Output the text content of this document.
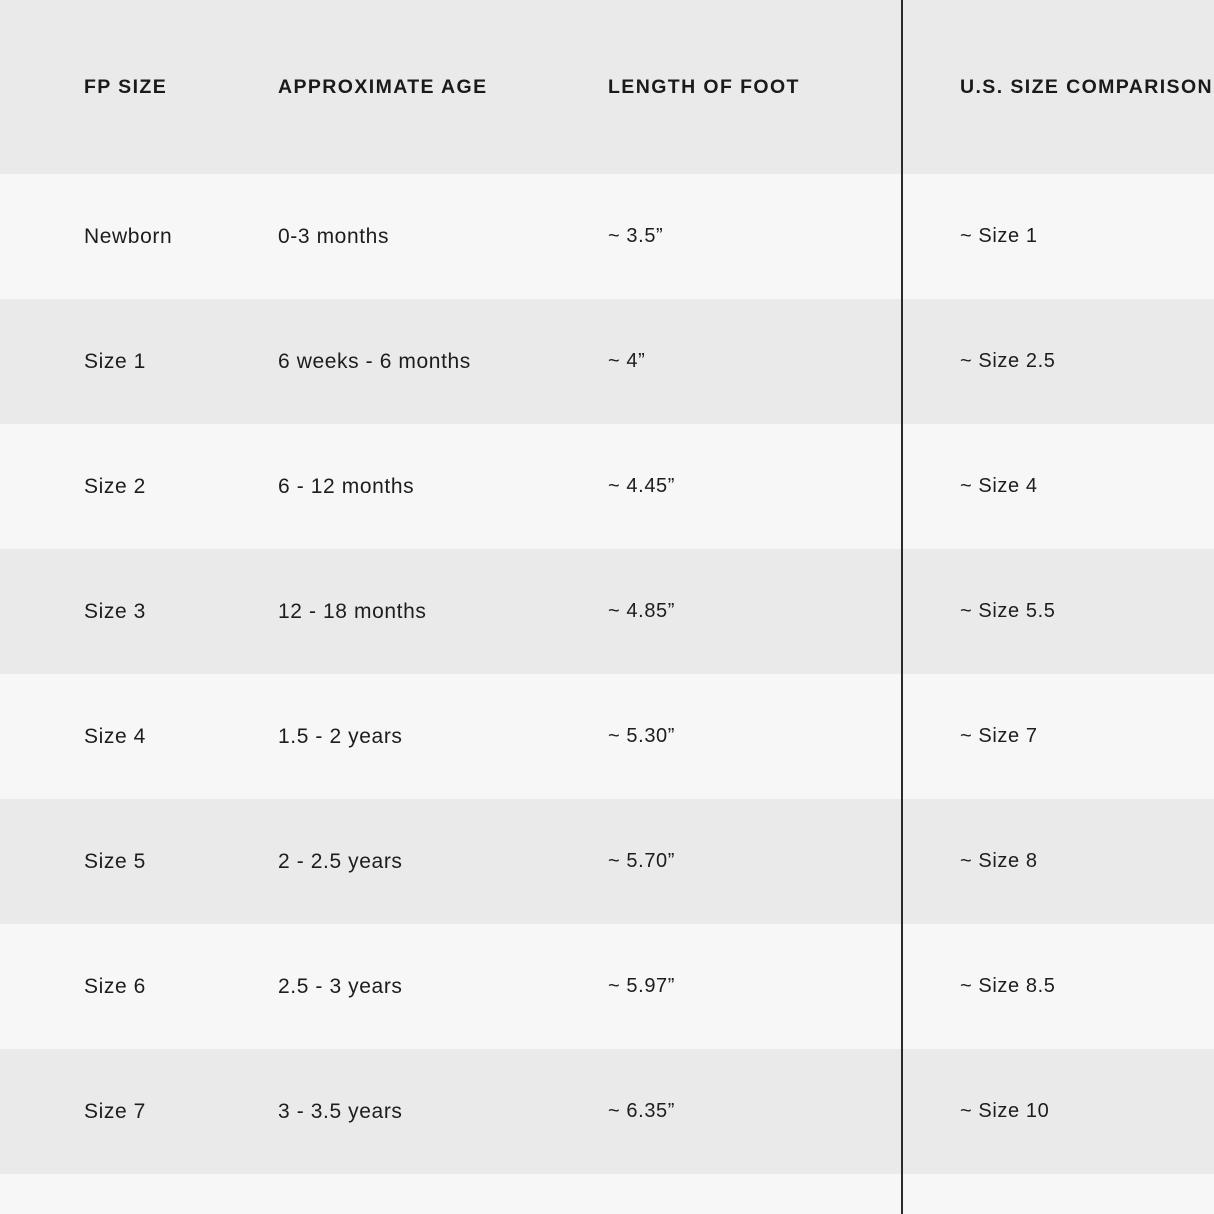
FP SIZE	APPROXIMATE AGE	LENGTH OF FOOT	U.S. SIZE COMPARISON
Newborn	0-3 months	~ 3.5”	~ Size 1
Size 1	6 weeks - 6 months	~ 4”	~ Size 2.5
Size 2	6 - 12 months	~ 4.45”	~ Size 4
Size 3	12 - 18 months	~ 4.85”	~ Size 5.5
Size 4	1.5 - 2 years	~ 5.30”	~ Size 7
Size 5	2 - 2.5 years	~ 5.70”	~ Size 8
Size 6	2.5 - 3 years	~ 5.97”	~ Size 8.5
Size 7	3 - 3.5 years	~ 6.35”	~ Size 10
